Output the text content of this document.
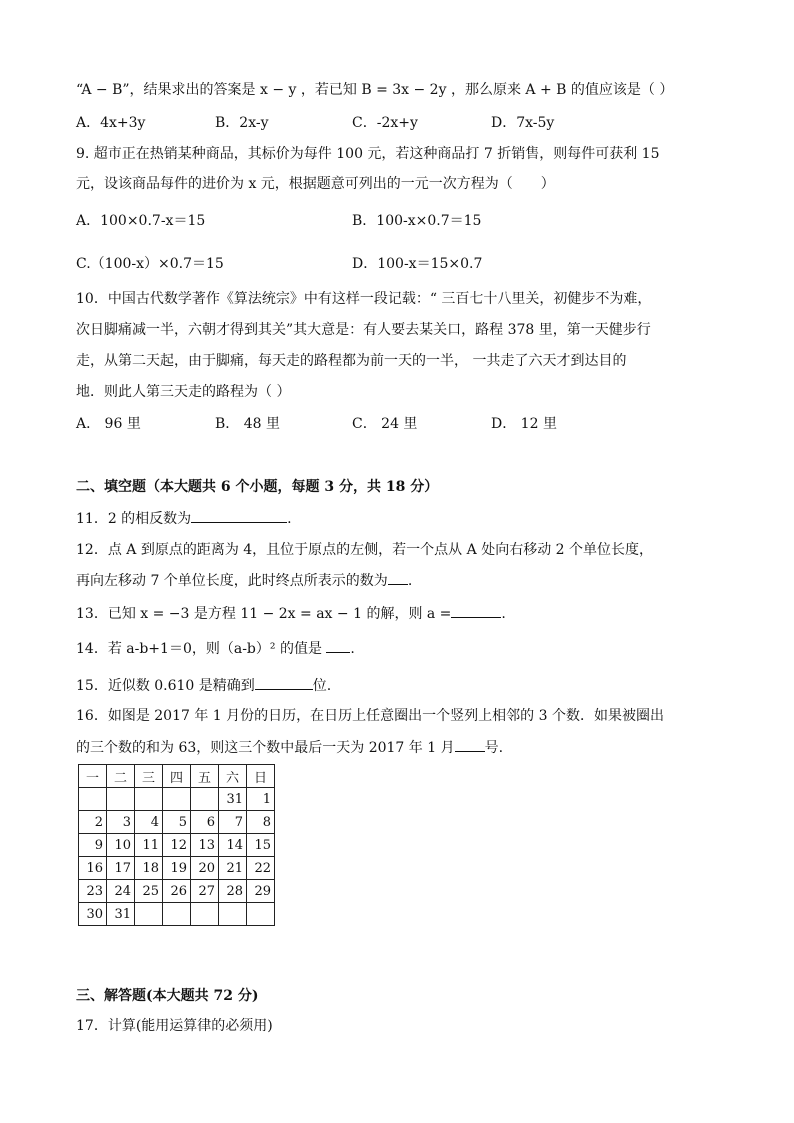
“A − B”，结果求出的答案是 x − y ，若已知 B = 3x − 2y ，那么原来 A + B 的值应该是（ ）
A．4x+3y	B．2x-y	C．-2x+y	D．7x-5y
9. 超市正在热销某种商品，其标价为每件 100 元，若这种商品打 7 折销售，则每件可获利 15
元，设该商品每件的进价为 x 元，根据题意可列出的一元一次方程为（　　）
A．100×0.7-x＝15	B．100-x×0.7＝15
C.（100-x）×0.7＝15	D．100-x＝15×0.7
10．中国古代数学著作《算法统宗》中有这样一段记载：“ 三百七十八里关，初健步不为难，
次日脚痛减一半，六朝才得到其关”其大意是：有人要去某关口，路程 378 里，第一天健步行
走，从第二天起，由于脚痛，每天走的路程都为前一天的一半， 一共走了六天才到达目的
地．则此人第三天走的路程为（ ）
A． 96 里	B． 48 里	C． 24 里	D． 12 里
二、填空题（本大题共 6 个小题，每题 3 分，共 18 分）
11．2 的相反数为	.
12．点 A 到原点的距离为 4，且位于原点的左侧，若一个点从 A 处向右移动 2 个单位长度，
再向左移动 7 个单位长度，此时终点所表示的数为 .
13．已知 x = −3 是方程 11 − 2x = ax − 1 的解，则 a =	.
14．若 a-b+1＝0，则（a-b）² 的值是 .
15．近似数 0.610 是精确到	位.
16．如图是 2017 年 1 月份的日历，在日历上任意圈出一个竖列上相邻的 3 个数．如果被圈出
的三个数的和为 63，则这三个数中最后一天为 2017 年 1 月 号.
一	二	三	四	五	六	日
					31	1
2	3	4	5	6	7	8
9	10	11	12	13	14	15
16	17	18	19	20	21	22
23	24	25	26	27	28	29
30	31					
三、解答题(本大题共 72 分)
17．计算(能用运算律的必须用)
